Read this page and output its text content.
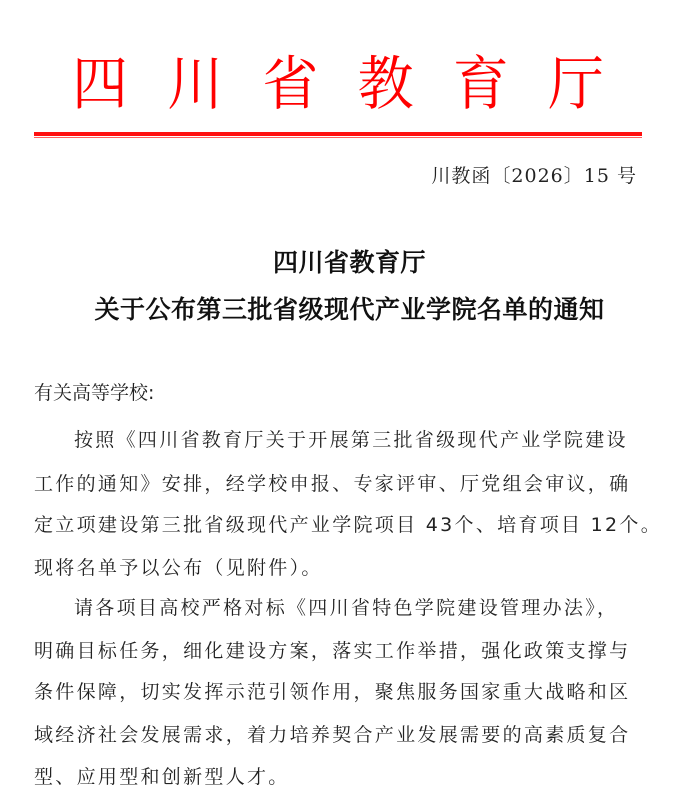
四 川 省 教 育 厅
川教函〔2026〕15 号
四川省教育厅
关于公布第三批省级现代产业学院名单的通知
有关高等学校:
按照《四川省教育厅关于开展第三批省级现代产业学院建设
工作的通知》安排，经学校申报、专家评审、厅党组会审议，确
定立项建设第三批省级现代产业学院项目 43个、培育项目 12个。
现将名单予以公布（见附件）。
请各项目高校严格对标《四川省特色学院建设管理办法》，
明确目标任务，细化建设方案，落实工作举措，强化政策支撑与
条件保障，切实发挥示范引领作用，聚焦服务国家重大战略和区
域经济社会发展需求，着力培养契合产业发展需要的高素质复合
型、应用型和创新型人才。
